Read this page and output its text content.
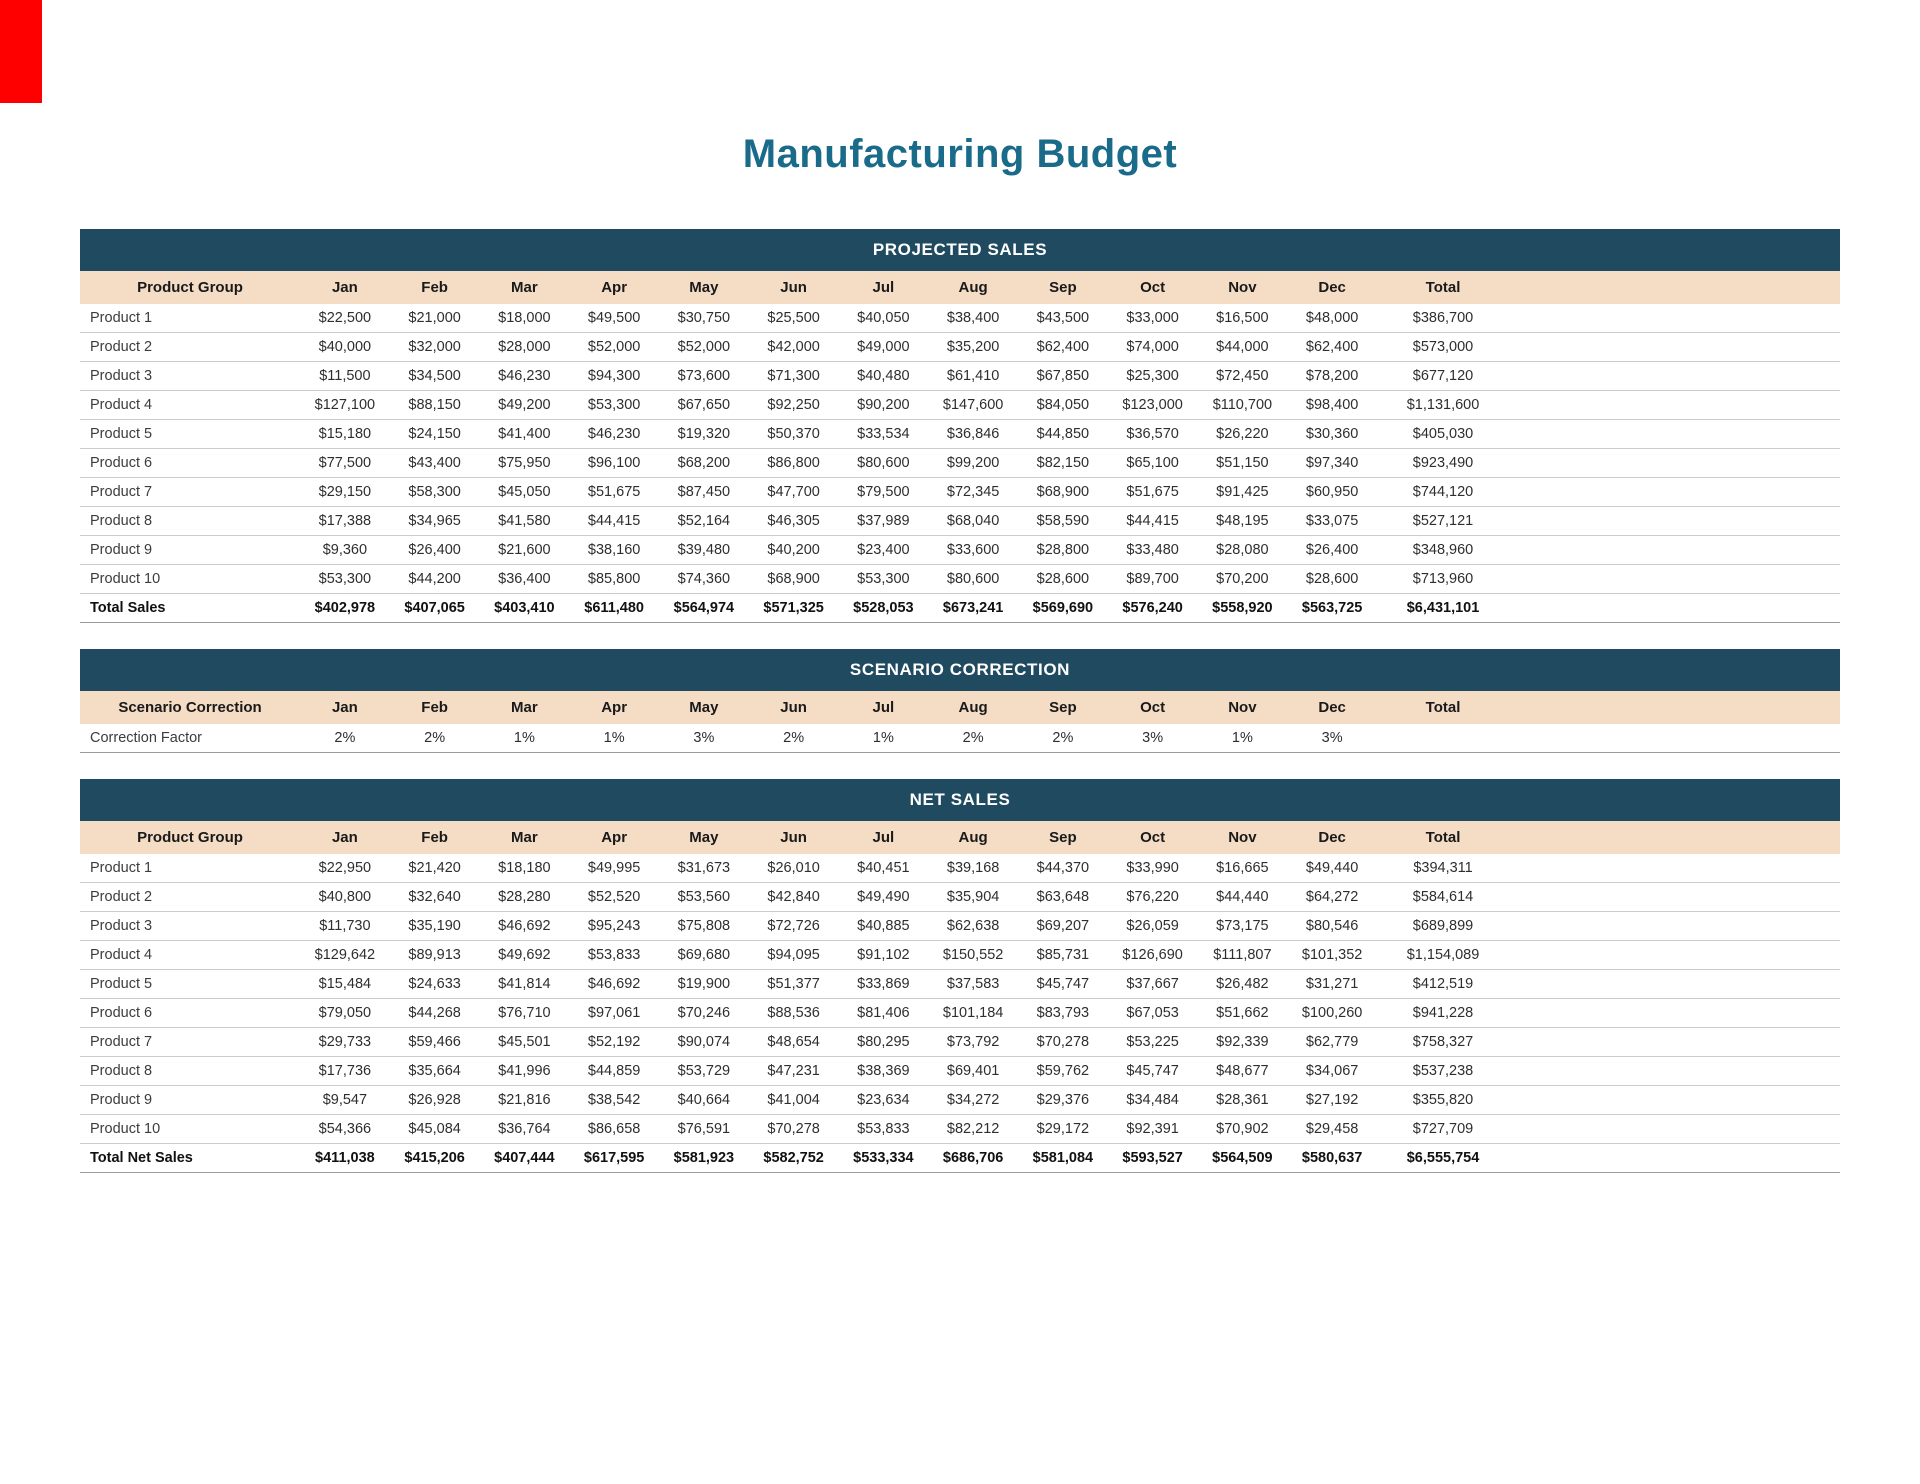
Manufacturing Budget
PROJECTED SALES
Product Group	Jan	Feb	Mar	Apr	May	Jun	Jul	Aug	Sep	Oct	Nov	Dec	Total	
Product 1	$22,500	$21,000	$18,000	$49,500	$30,750	$25,500	$40,050	$38,400	$43,500	$33,000	$16,500	$48,000	$386,700	
Product 2	$40,000	$32,000	$28,000	$52,000	$52,000	$42,000	$49,000	$35,200	$62,400	$74,000	$44,000	$62,400	$573,000	
Product 3	$11,500	$34,500	$46,230	$94,300	$73,600	$71,300	$40,480	$61,410	$67,850	$25,300	$72,450	$78,200	$677,120	
Product 4	$127,100	$88,150	$49,200	$53,300	$67,650	$92,250	$90,200	$147,600	$84,050	$123,000	$110,700	$98,400	$1,131,600	
Product 5	$15,180	$24,150	$41,400	$46,230	$19,320	$50,370	$33,534	$36,846	$44,850	$36,570	$26,220	$30,360	$405,030	
Product 6	$77,500	$43,400	$75,950	$96,100	$68,200	$86,800	$80,600	$99,200	$82,150	$65,100	$51,150	$97,340	$923,490	
Product 7	$29,150	$58,300	$45,050	$51,675	$87,450	$47,700	$79,500	$72,345	$68,900	$51,675	$91,425	$60,950	$744,120	
Product 8	$17,388	$34,965	$41,580	$44,415	$52,164	$46,305	$37,989	$68,040	$58,590	$44,415	$48,195	$33,075	$527,121	
Product 9	$9,360	$26,400	$21,600	$38,160	$39,480	$40,200	$23,400	$33,600	$28,800	$33,480	$28,080	$26,400	$348,960	
Product 10	$53,300	$44,200	$36,400	$85,800	$74,360	$68,900	$53,300	$80,600	$28,600	$89,700	$70,200	$28,600	$713,960	
Total Sales	$402,978	$407,065	$403,410	$611,480	$564,974	$571,325	$528,053	$673,241	$569,690	$576,240	$558,920	$563,725	$6,431,101	
SCENARIO CORRECTION
Scenario Correction	Jan	Feb	Mar	Apr	May	Jun	Jul	Aug	Sep	Oct	Nov	Dec	Total	
Correction Factor	2%	2%	1%	1%	3%	2%	1%	2%	2%	3%	1%	3%		
NET SALES
Product Group	Jan	Feb	Mar	Apr	May	Jun	Jul	Aug	Sep	Oct	Nov	Dec	Total	
Product 1	$22,950	$21,420	$18,180	$49,995	$31,673	$26,010	$40,451	$39,168	$44,370	$33,990	$16,665	$49,440	$394,311	
Product 2	$40,800	$32,640	$28,280	$52,520	$53,560	$42,840	$49,490	$35,904	$63,648	$76,220	$44,440	$64,272	$584,614	
Product 3	$11,730	$35,190	$46,692	$95,243	$75,808	$72,726	$40,885	$62,638	$69,207	$26,059	$73,175	$80,546	$689,899	
Product 4	$129,642	$89,913	$49,692	$53,833	$69,680	$94,095	$91,102	$150,552	$85,731	$126,690	$111,807	$101,352	$1,154,089	
Product 5	$15,484	$24,633	$41,814	$46,692	$19,900	$51,377	$33,869	$37,583	$45,747	$37,667	$26,482	$31,271	$412,519	
Product 6	$79,050	$44,268	$76,710	$97,061	$70,246	$88,536	$81,406	$101,184	$83,793	$67,053	$51,662	$100,260	$941,228	
Product 7	$29,733	$59,466	$45,501	$52,192	$90,074	$48,654	$80,295	$73,792	$70,278	$53,225	$92,339	$62,779	$758,327	
Product 8	$17,736	$35,664	$41,996	$44,859	$53,729	$47,231	$38,369	$69,401	$59,762	$45,747	$48,677	$34,067	$537,238	
Product 9	$9,547	$26,928	$21,816	$38,542	$40,664	$41,004	$23,634	$34,272	$29,376	$34,484	$28,361	$27,192	$355,820	
Product 10	$54,366	$45,084	$36,764	$86,658	$76,591	$70,278	$53,833	$82,212	$29,172	$92,391	$70,902	$29,458	$727,709	
Total Net Sales	$411,038	$415,206	$407,444	$617,595	$581,923	$582,752	$533,334	$686,706	$581,084	$593,527	$564,509	$580,637	$6,555,754	
